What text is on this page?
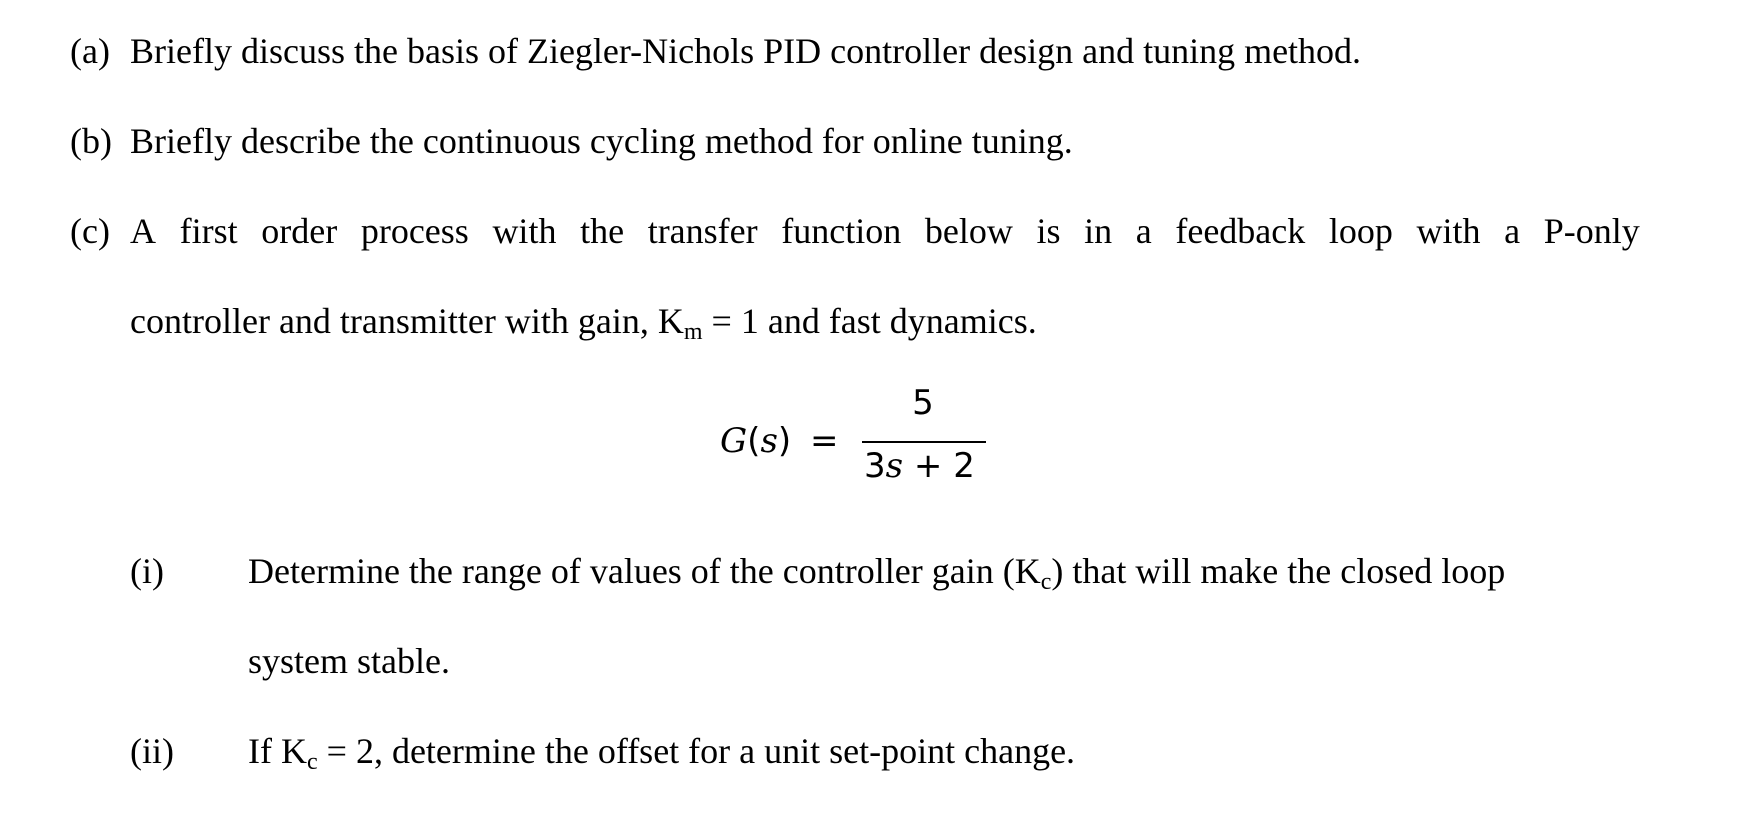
(a) Briefly discuss the basis of Ziegler-Nichols PID controller design and tuning method.
(b) Briefly describe the continuous cycling method for online tuning.
(c) A first order process with the transfer function below is in a feedback loop with a P-only
controller and transmitter with gain, Km = 1 and fast dynamics.
G(s) =
5
3s + 2
(i) Determine the range of values of the controller gain (Kc) that will make the closed loop
system stable.
(ii) If Kc = 2, determine the offset for a unit set-point change.
